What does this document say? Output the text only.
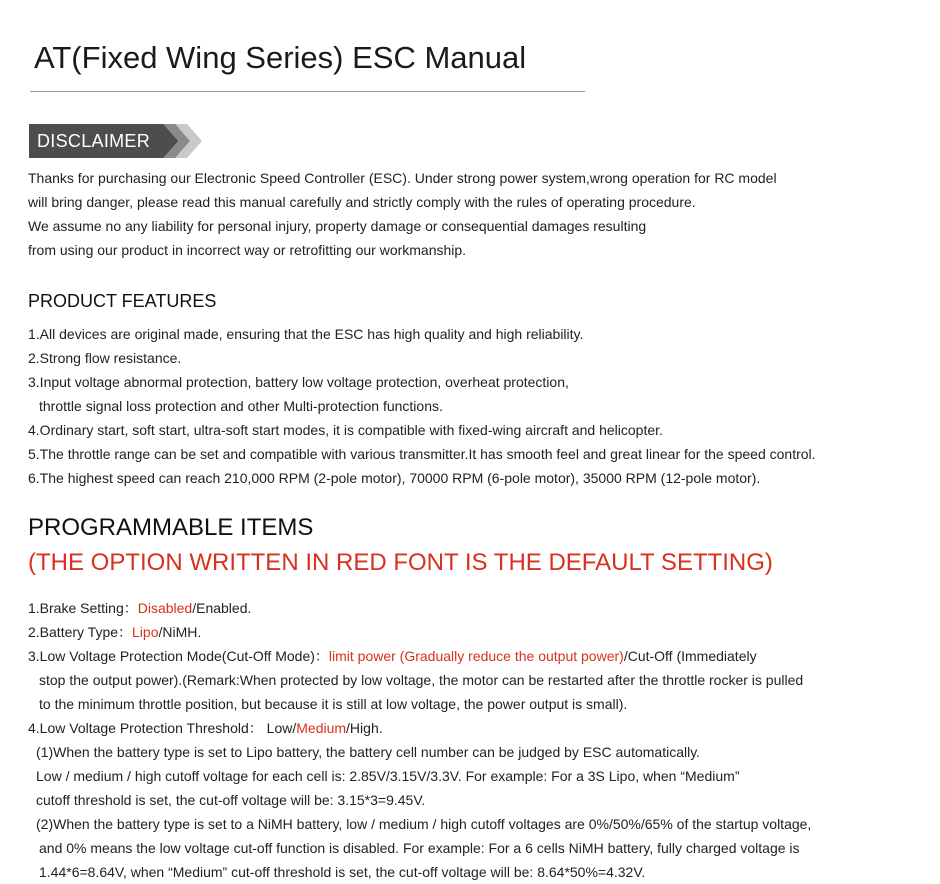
AT(Fixed Wing Series) ESC Manual
DISCLAIMER
Thanks for purchasing our Electronic Speed Controller (ESC). Under strong power system,wrong operation for RC model
will bring danger, please read this manual carefully and strictly comply with the rules of operating procedure.
We assume no any liability for personal injury, property damage or consequential damages resulting
from using our product in incorrect way or retrofitting our workmanship.
PRODUCT FEATURES
1.All devices are original made, ensuring that the ESC has high quality and high reliability.
2.Strong flow resistance.
3.Input voltage abnormal protection, battery low voltage protection, overheat protection,
throttle signal loss protection and other Multi-protection functions.
4.Ordinary start, soft start, ultra-soft start modes, it is compatible with fixed-wing aircraft and helicopter.
5.The throttle range can be set and compatible with various transmitter.It has smooth feel and great linear for the speed control.
6.The highest speed can reach 210,000 RPM (2-pole motor), 70000 RPM (6-pole motor), 35000 RPM (12-pole motor).
PROGRAMMABLE ITEMS
(THE OPTION WRITTEN IN RED FONT IS THE DEFAULT SETTING)
1.Brake Setting：Disabled/Enabled.
2.Battery Type：Lipo/NiMH.
3.Low Voltage Protection Mode(Cut-Off Mode)：limit power (Gradually reduce the output power)/Cut-Off (Immediately
stop the output power).(Remark:When protected by low voltage, the motor can be restarted after the throttle rocker is pulled
to the minimum throttle position, but because it is still at low voltage, the power output is small).
4.Low Voltage Protection Threshold： Low/Medium/High.
(1)When the battery type is set to Lipo battery, the battery cell number can be judged by ESC automatically.
Low / medium / high cutoff voltage for each cell is: 2.85V/3.15V/3.3V. For example: For a 3S Lipo, when “Medium”
cutoff threshold is set, the cut-off voltage will be: 3.15*3=9.45V.
(2)When the battery type is set to a NiMH battery, low / medium / high cutoff voltages are 0%/50%/65% of the startup voltage,
and 0% means the low voltage cut-off function is disabled. For example: For a 6 cells NiMH battery, fully charged voltage is
1.44*6=8.64V, when “Medium” cut-off threshold is set, the cut-off voltage will be: 8.64*50%=4.32V.
